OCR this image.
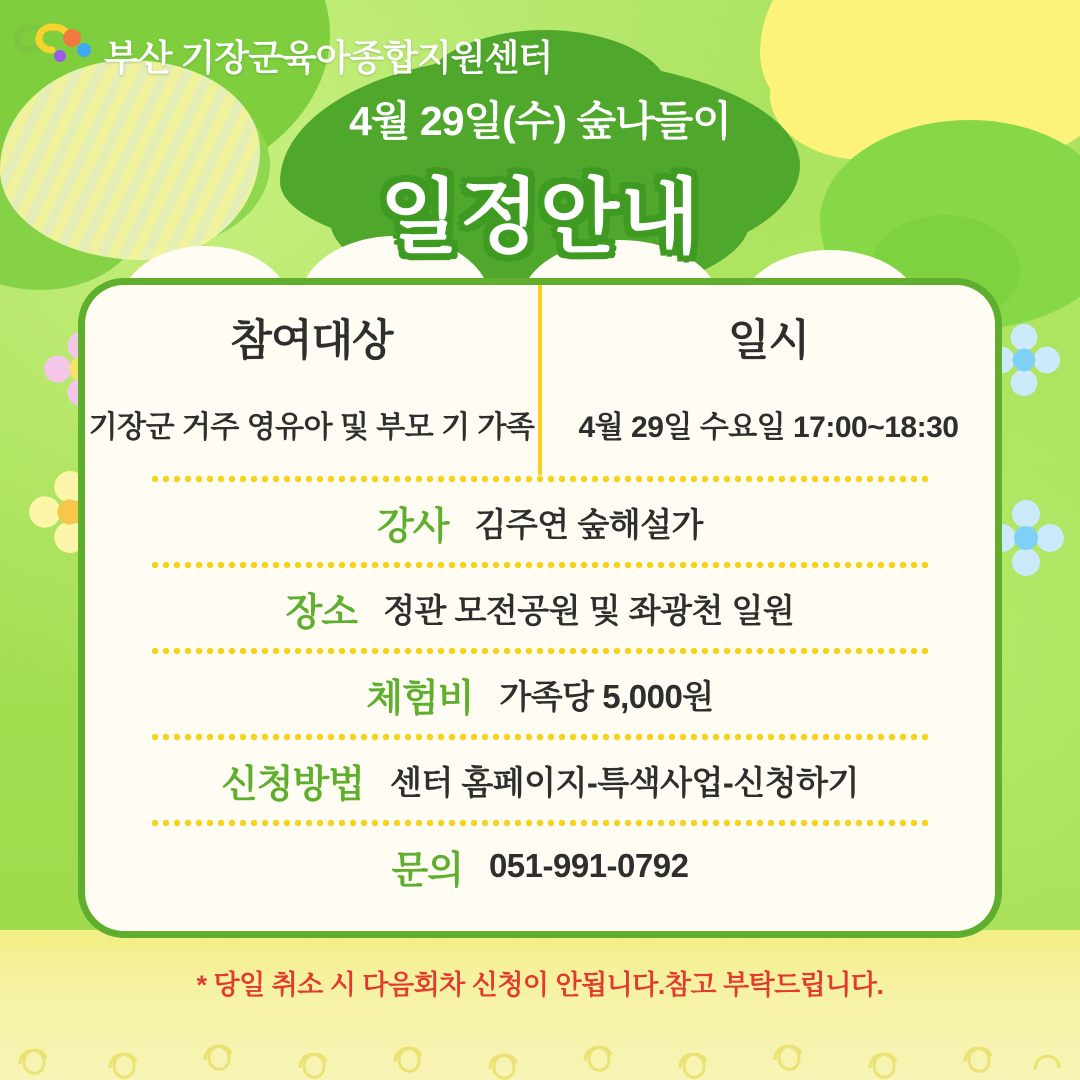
부산 기장군육아종합지원센터
4월 29일(수) 숲나들이
일정안내
참여대상
기장군 거주 영유아 및 부모 기 가족
일시
4월 29일 수요일 17:00~18:30
강사 김주연 숲해설가
장소 정관 모전공원 및 좌광천 일원
체험비 가족당 5,000원
신청방법 센터 홈페이지-특색사업-신청하기
문의 051-991-0792
* 당일 취소 시 다음회차 신청이 안됩니다.참고 부탁드립니다.
